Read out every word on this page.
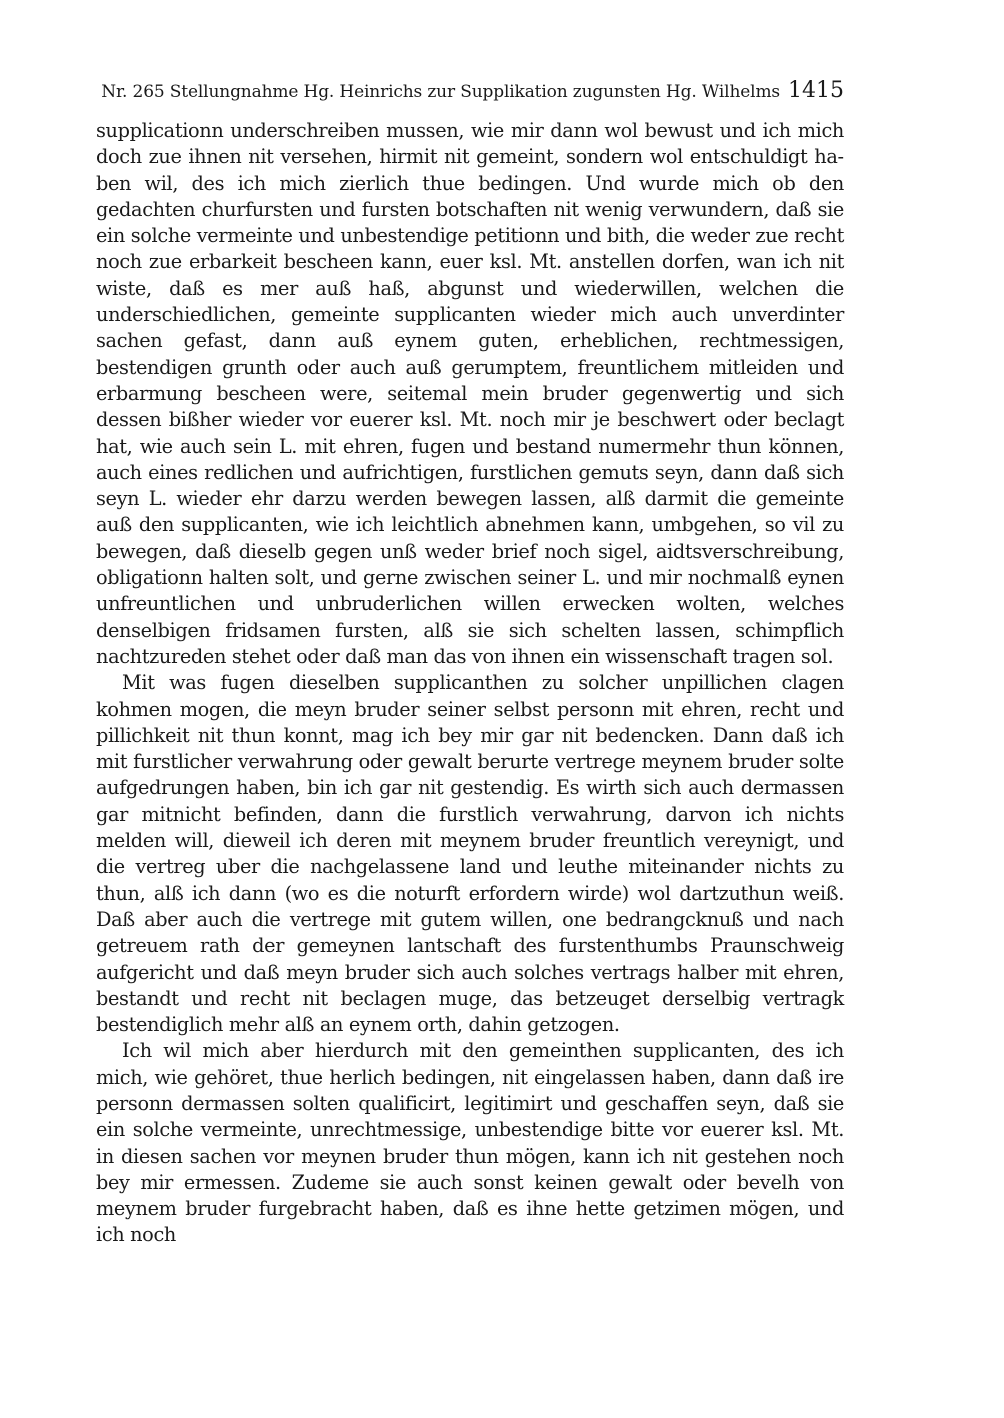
Nr. 265 Stellungnahme Hg. Heinrichs zur Supplikation zugunsten Hg. Wilhelms 1415

supplicationn underschreiben mussen, wie mir dann wol bewust und ich mich doch zue ihnen nit versehen, hirmit nit gemeint, sondern wol entschuldigt haben wil, des ich mich zierlich thue bedingen. Und wurde mich ob den gedachten churfursten und fursten botschaften nit wenig verwundern, daß sie ein solche vermeinte und unbestendige petitionn und bith, die weder zue recht noch zue erbarkeit bescheen kann, euer ksl. Mt. anstellen dorfen, wan ich nit wiste, daß es mer auß haß, abgunst und wiederwillen, welchen die underschiedlichen, gemeinte supplicanten wieder mich auch unverdinter sachen gefast, dann auß eynem guten, erheblichen, rechtmessigen, bestendigen grunth oder auch auß gerumptem, freuntlichem mitleiden und erbarmung bescheen were, seitemal mein bruder gegenwertig und sich dessen bißher wieder vor euerer ksl. Mt. noch mir je beschwert oder beclagt hat, wie auch sein L. mit ehren, fugen und bestand numermehr thun können, auch eines redlichen und aufrichtigen, furstlichen gemuts seyn, dann daß sich seyn L. wieder ehr darzu werden bewegen lassen, alß darmit die gemeinte auß den supplicanten, wie ich leichtlich abnehmen kann, umbgehen, so vil zu bewegen, daß dieselb gegen unß weder brief noch sigel, aidtsverschreibung, obligationn halten solt, und gerne zwischen seiner L. und mir nochmalß eynen unfreuntlichen und unbruderlichen willen erwecken wolten, welches denselbigen fridsamen fursten, alß sie sich schelten lassen, schimpflich nachtzureden stehet oder daß man das von ihnen ein wissenschaft tragen sol.

Mit was fugen dieselben supplicanthen zu solcher unpillichen clagen kohmen mogen, die meyn bruder seiner selbst personn mit ehren, recht und pillichkeit nit thun konnt, mag ich bey mir gar nit bedencken. Dann daß ich mit furstlicher verwahrung oder gewalt berurte vertrege meynem bruder solte aufgedrungen haben, bin ich gar nit gestendig. Es wirth sich auch dermassen gar mitnicht befinden, dann die furstlich verwahrung, darvon ich nichts melden will, dieweil ich deren mit meynem bruder freuntlich vereynigt, und die vertreg uber die nachgelassene land und leuthe miteinander nichts zu thun, alß ich dann (wo es die noturft erfordern wirde) wol dartzuthun weiß. Daß aber auch die vertrege mit gutem willen, one bedrangcknuß und nach getreuem rath der gemeynen lantschaft des furstenthumbs Praunschweig aufgericht und daß meyn bruder sich auch solches vertrags halber mit ehren, bestandt und recht nit beclagen muge, das betzeuget derselbig vertragk bestendiglich mehr alß an eynem orth, dahin getzogen.

Ich wil mich aber hierdurch mit den gemeinthen supplicanten, des ich mich, wie gehöret, thue herlich bedingen, nit eingelassen haben, dann daß ire personn dermassen solten qualificirt, legitimirt und geschaffen seyn, daß sie ein solche vermeinte, unrechtmessige, unbestendige bitte vor euerer ksl. Mt. in diesen sachen vor meynen bruder thun mögen, kann ich nit gestehen noch bey mir ermessen. Zudeme sie auch sonst keinen gewalt oder bevelh von meynem bruder furgebracht haben, daß es ihne hette getzimen mögen, und ich noch
